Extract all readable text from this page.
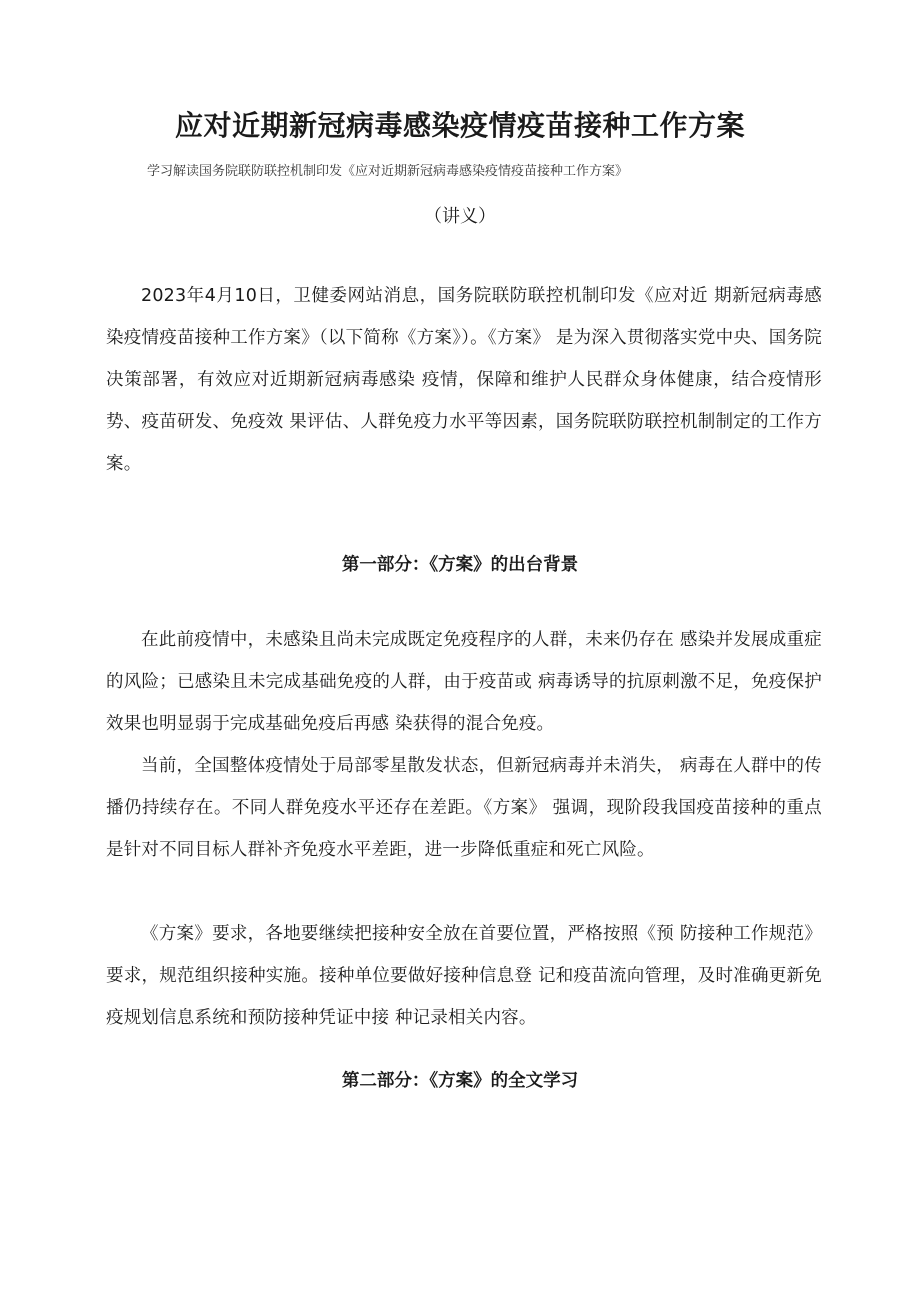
应对近期新冠病毒感染疫情疫苗接种工作方案

学习解读国务院联防联控机制印发《应对近期新冠病毒感染疫情疫苗接种工作方案》

（讲义）

2023年4月10日，卫健委网站消息，国务院联防联控机制印发《应对近 期新冠病毒感染疫情疫苗接种工作方案》（以下简称《方案》）。《方案》 是为深入贯彻落实党中央、国务院决策部署，有效应对近期新冠病毒感染 疫情，保障和维护人民群众身体健康，结合疫情形势、疫苗研发、免疫效 果评估、人群免疫力水平等因素，国务院联防联控机制制定的工作方案。

第一部分：《方案》的出台背景

在此前疫情中，未感染且尚未完成既定免疫程序的人群，未来仍存在 感染并发展成重症的风险；已感染且未完成基础免疫的人群，由于疫苗或 病毒诱导的抗原刺激不足，免疫保护效果也明显弱于完成基础免疫后再感 染获得的混合免疫。

当前，全国整体疫情处于局部零星散发状态，但新冠病毒并未消失， 病毒在人群中的传播仍持续存在。不同人群免疫水平还存在差距。《方案》 强调，现阶段我国疫苗接种的重点是针对不同目标人群补齐免疫水平差距，进一步降低重症和死亡风险。

《方案》要求，各地要继续把接种安全放在首要位置，严格按照《预 防接种工作规范》要求，规范组织接种实施。接种单位要做好接种信息登 记和疫苗流向管理，及时准确更新免疫规划信息系统和预防接种凭证中接 种记录相关内容。

第二部分：《方案》的全文学习
